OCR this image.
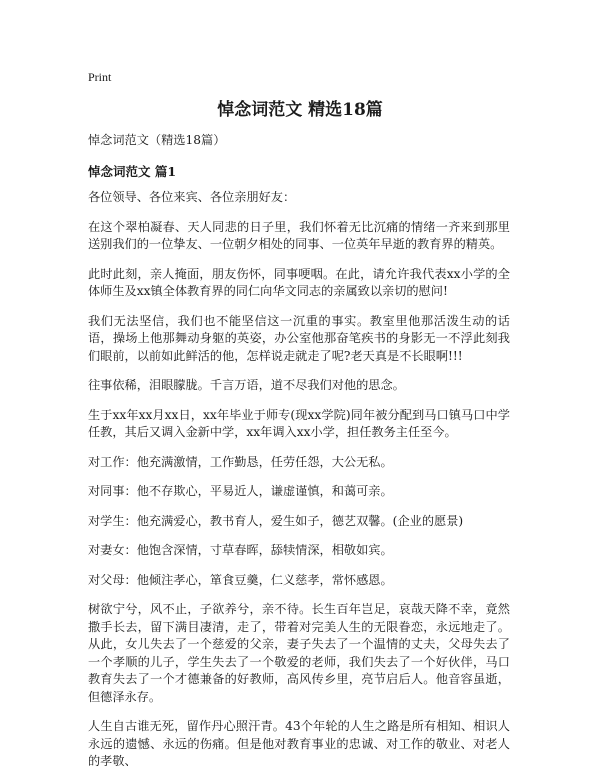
Print
悼念词范文 精选18篇

悼念词范文（精选18篇）

悼念词范文 篇1

各位领导、各位来宾、各位亲朋好友：

在这个翠柏凝春、天人同悲的日子里，我们怀着无比沉痛的情绪一齐来到那里送别我们的一位挚友、一位朝夕相处的同事、一位英年早逝的教育界的精英。

此时此刻，亲人掩面，朋友伤怀，同事哽咽。在此，请允许我代表xx小学的全体师生及xx镇全体教育界的同仁向华文同志的亲属致以亲切的慰问!

我们无法坚信，我们也不能坚信这一沉重的事实。教室里他那活泼生动的话语，操场上他那舞动身躯的英姿，办公室他那奋笔疾书的身影无一不浮此刻我们眼前，以前如此鲜活的他，怎样说走就走了呢?老天真是不长眼啊!!!

往事依稀，泪眼朦胧。千言万语，道不尽我们对他的思念。

生于xx年xx月xx日，xx年毕业于师专(现xx学院)同年被分配到马口镇马口中学任教，其后又调入金新中学，xx年调入xx小学，担任教务主任至今。

对工作：他充满激情，工作勤恳，任劳任怨，大公无私。

对同事：他不存欺心，平易近人，谦虚谨慎，和蔼可亲。

对学生：他充满爱心，教书育人，爱生如子，德艺双馨。(企业的愿景)

对妻女：他饱含深情，寸草春晖，舔犊情深，相敬如宾。

对父母：他倾注孝心，箪食豆羹，仁义慈孝，常怀感恩。

树欲宁兮，风不止，子欲养兮，亲不待。长生百年岂足，哀哉天降不幸，竟然撒手长去，留下满目凄清，走了，带着对完美人生的无限眷恋，永远地走了。从此，女儿失去了一个慈爱的父亲，妻子失去了一个温情的丈夫，父母失去了一个孝顺的儿子，学生失去了一个敬爱的老师，我们失去了一个好伙伴，马口教育失去了一个才德兼备的好教师，高风传乡里，亮节启后人。他音容虽逝，但德泽永存。

人生自古谁无死，留作丹心照汗青。43个年轮的人生之路是所有相知、相识人永远的遗憾、永远的伤痛。但是他对教育事业的忠诚、对工作的敬业、对老人的孝敬、
